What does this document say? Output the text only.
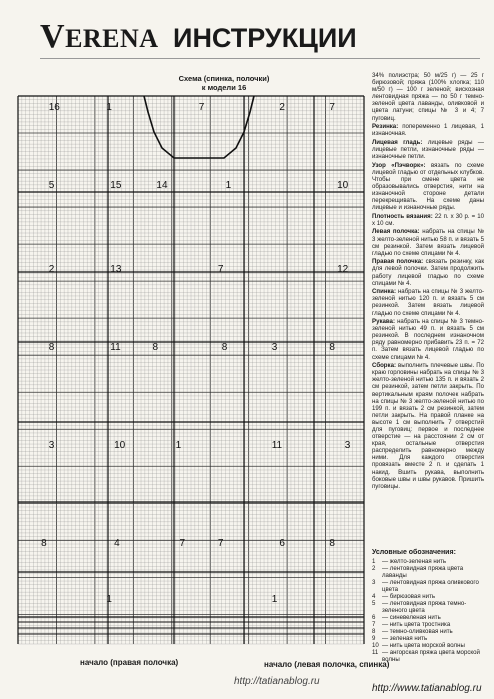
VERENA ИНСТРУКЦИИ
Схема (спинка, полочки)
к модели 16
16	1	7	2	7
5	15	14	1	10
2	13	7	12
8	11	8	8	3	8
3	10	1	11	3
8	4	7	7	6	8
1	1
начало (правая полочка)	начало (левая полочка, спинка)

34% полиэстра; 50 м/25 г) — 25 г бирюзовой; пряжа (100% хлопка; 110 м/50 г) — 100 г зеленой; вискозная лентовидная пряжа — по 50 г темно-зеленой цвета лаванды, оливковой и цвета латуни; спицы № 3 и 4; 7 пуговиц.

Резинка: попеременно 1 лицевая, 1 изнаночная.

Лицевая гладь: лицевые ряды — лицевые петли, изнаночные ряды — изнаночные петли.

Узор «Пэчворк»: вязать по схеме лицевой гладью от отдельных клубков. Чтобы при смене цвета не образовывались отверстия, нити на изнаночной стороне детали перекрещивать. На схеме даны лицевые и изнаночные ряды.

Плотность вязания: 22 п. х 30 р. = 10 х 10 см.

Левая полочка: набрать на спицы № 3 желто-зеленой нитью 58 п. и вязать 5 см резинкой. Затем вязать лицевой гладью по схеме спицами № 4.

Правая полочка: связать резинку, как для левой полочки. Затем продолжить работу лицевой гладью по схеме спицами № 4.

Спинка: набрать на спицы № 3 желто-зеленой нитью 120 п. и вязать 5 см резинкой. Затем вязать лицевой гладью по схеме спицами № 4.

Рукава: набрать на спицы № 3 темно-зеленой нитью 49 п. и вязать 5 см резинкой. В последнем изнаночном ряду равномерно прибавить 23 п. = 72 п. Затем вязать лицевой гладью по схеме спицами № 4.

Сборка: выполнить плечевые швы. По краю горловины набрать на спицы № 3 желто-зеленой нитью 135 п. и вязать 2 см резинкой, затем петли закрыть. По вертикальным краям полочек набрать на спицы № 3 желто-зеленой нитью по 199 п. и вязать 2 см резинкой, затем петли закрыть. На правой планке на высоте 1 см выполнить 7 отверстий для пуговиц: первое и последнее отверстие — на расстоянии 2 см от края, остальные отверстия распределить равномерно между ними. Для каждого отверстия провязать вместе 2 п. и сделать 1 накид. Вшить рукава, выполнить боковые швы и швы рукавов. Пришить пуговицы.

Условные обозначения:
1	— желто-зеленая нить
2	— лентовидная пряжа цвета лаванды
3	— лентовидная пряжа оливкового цвета
4	— бирюзовая нить
5	— лентовидная пряжа темно-зеленого цвета
6	— синевеленая нить
7	— нить цвета тростника
8	— темно-оливковая нить
9	— зеленая нить
10 — нить цвета морской волны
11 — ангорская пряжа цвета морской волны
http://tatianablog.ru
http://www.tatianablog.ru
